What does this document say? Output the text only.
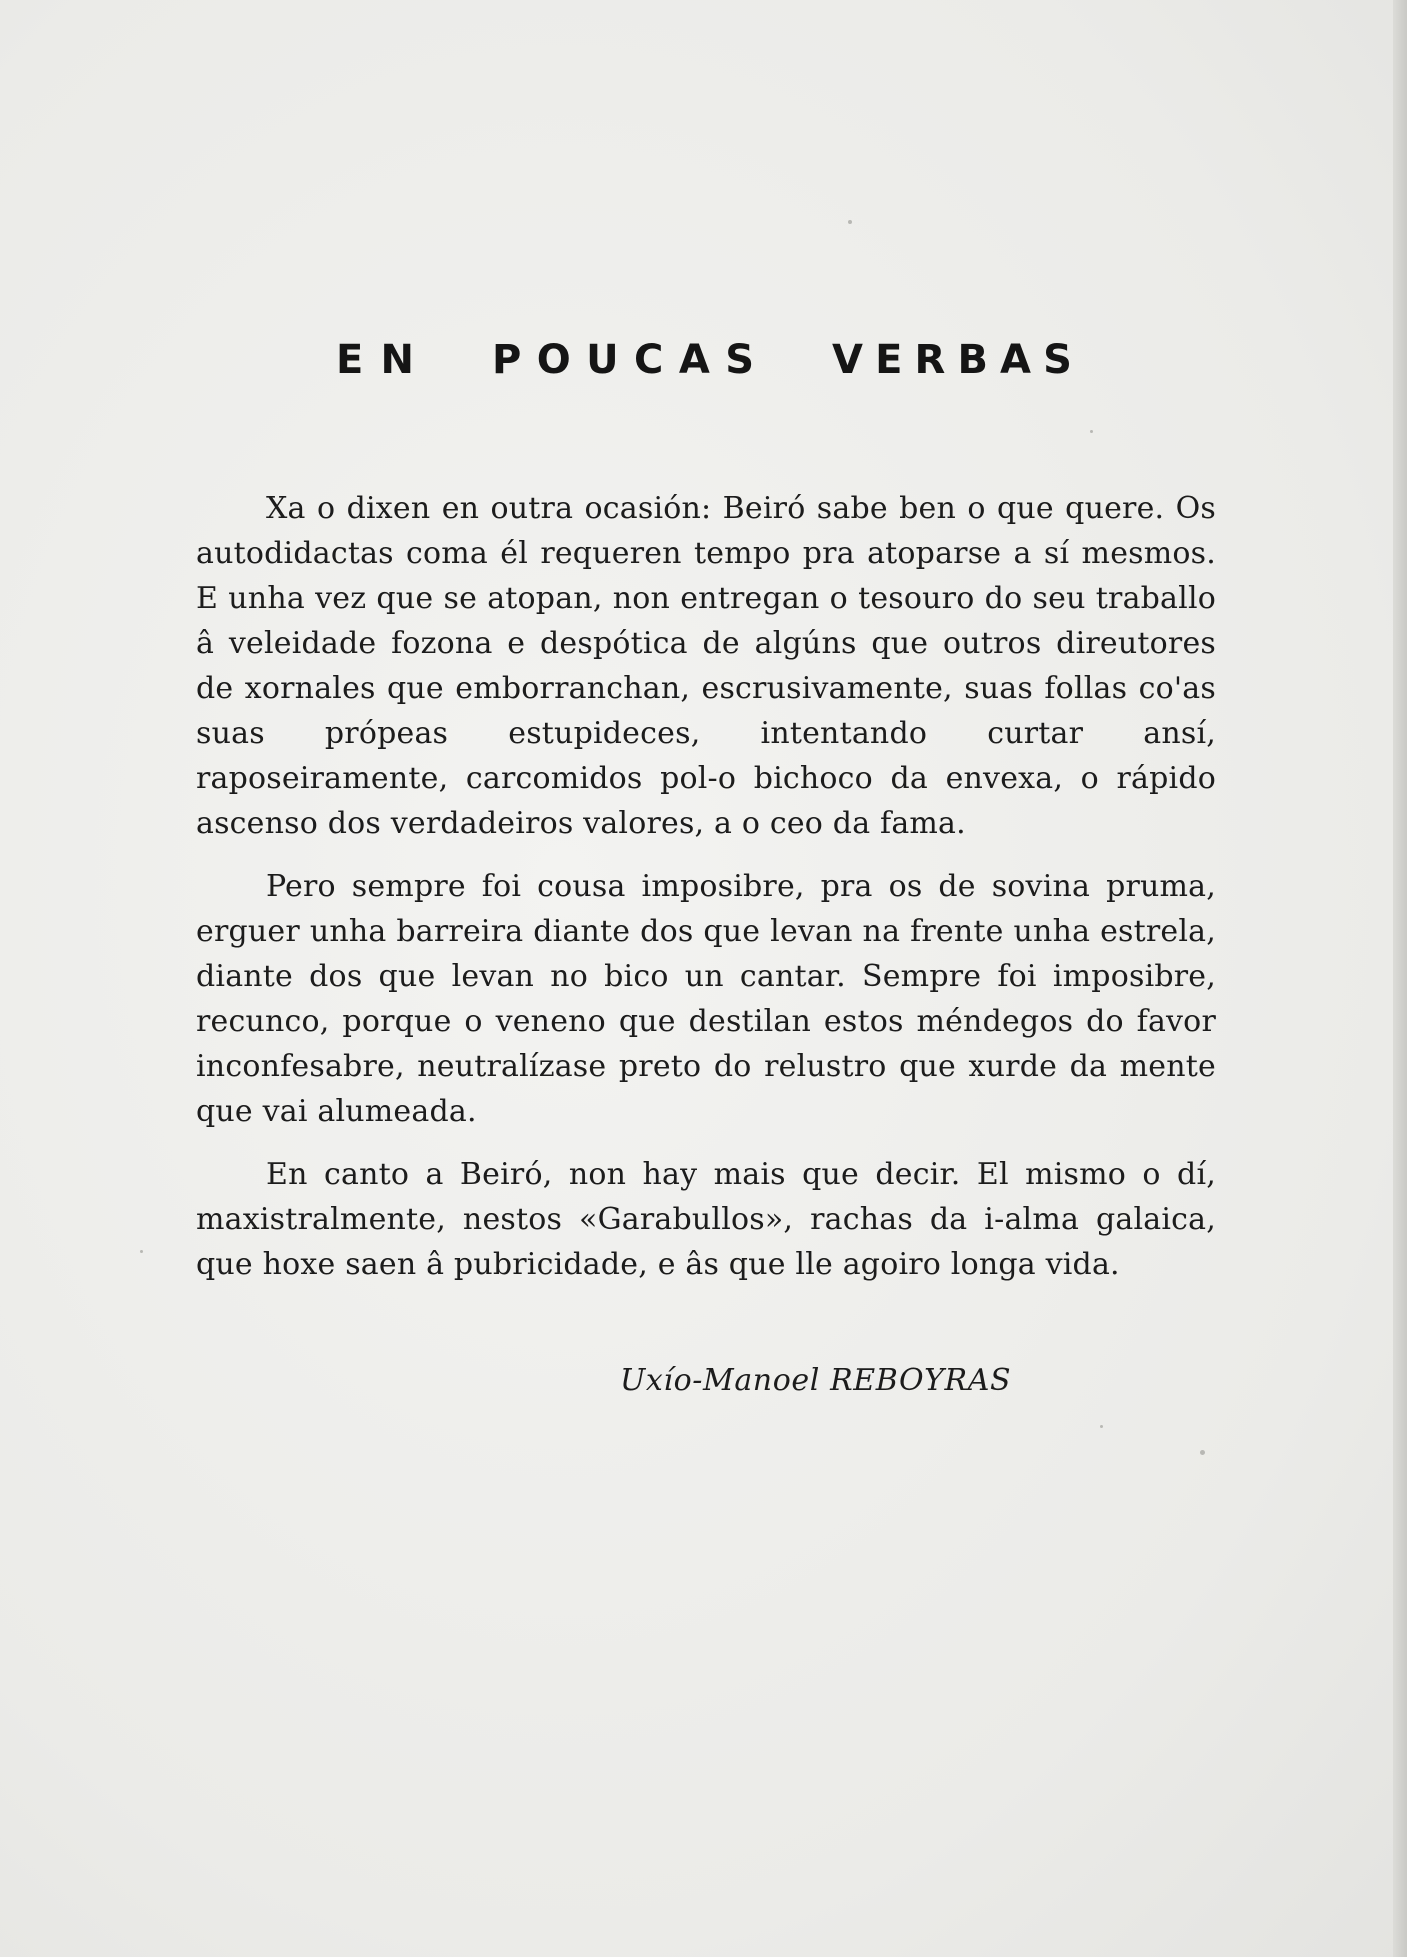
E N P O U C A S V E R B A S

Xa o dixen en outra ocasión: Beiró sabe ben o que quere. Os autodidactas coma él requeren tempo pra atoparse a sí mesmos. E unha vez que se atopan, non entregan o tesouro do seu traballo â veleidade fozona e despótica de algúns que outros direutores de xornales que emborranchan, escrusivamente, suas follas co'as suas própeas estupideces, intentando curtar ansí, raposeiramente, carcomidos pol-o bichoco da envexa, o rápido ascenso dos verdadeiros valores, a o ceo da fama.

Pero sempre foi cousa imposibre, pra os de sovina pruma, erguer unha barreira diante dos que levan na frente unha estrela, diante dos que levan no bico un cantar. Sempre foi imposibre, recunco, porque o veneno que destilan estos méndegos do favor inconfesabre, neutralízase preto do relustro que xurde da mente que vai alumeada.

En canto a Beiró, non hay mais que decir. El mismo o dí, maxistralmente, nestos «Garabullos», rachas da i-alma galaica, que hoxe saen â pubricidade, e âs que lle agoiro longa vida.

Uxío-Manoel REBOYRAS
